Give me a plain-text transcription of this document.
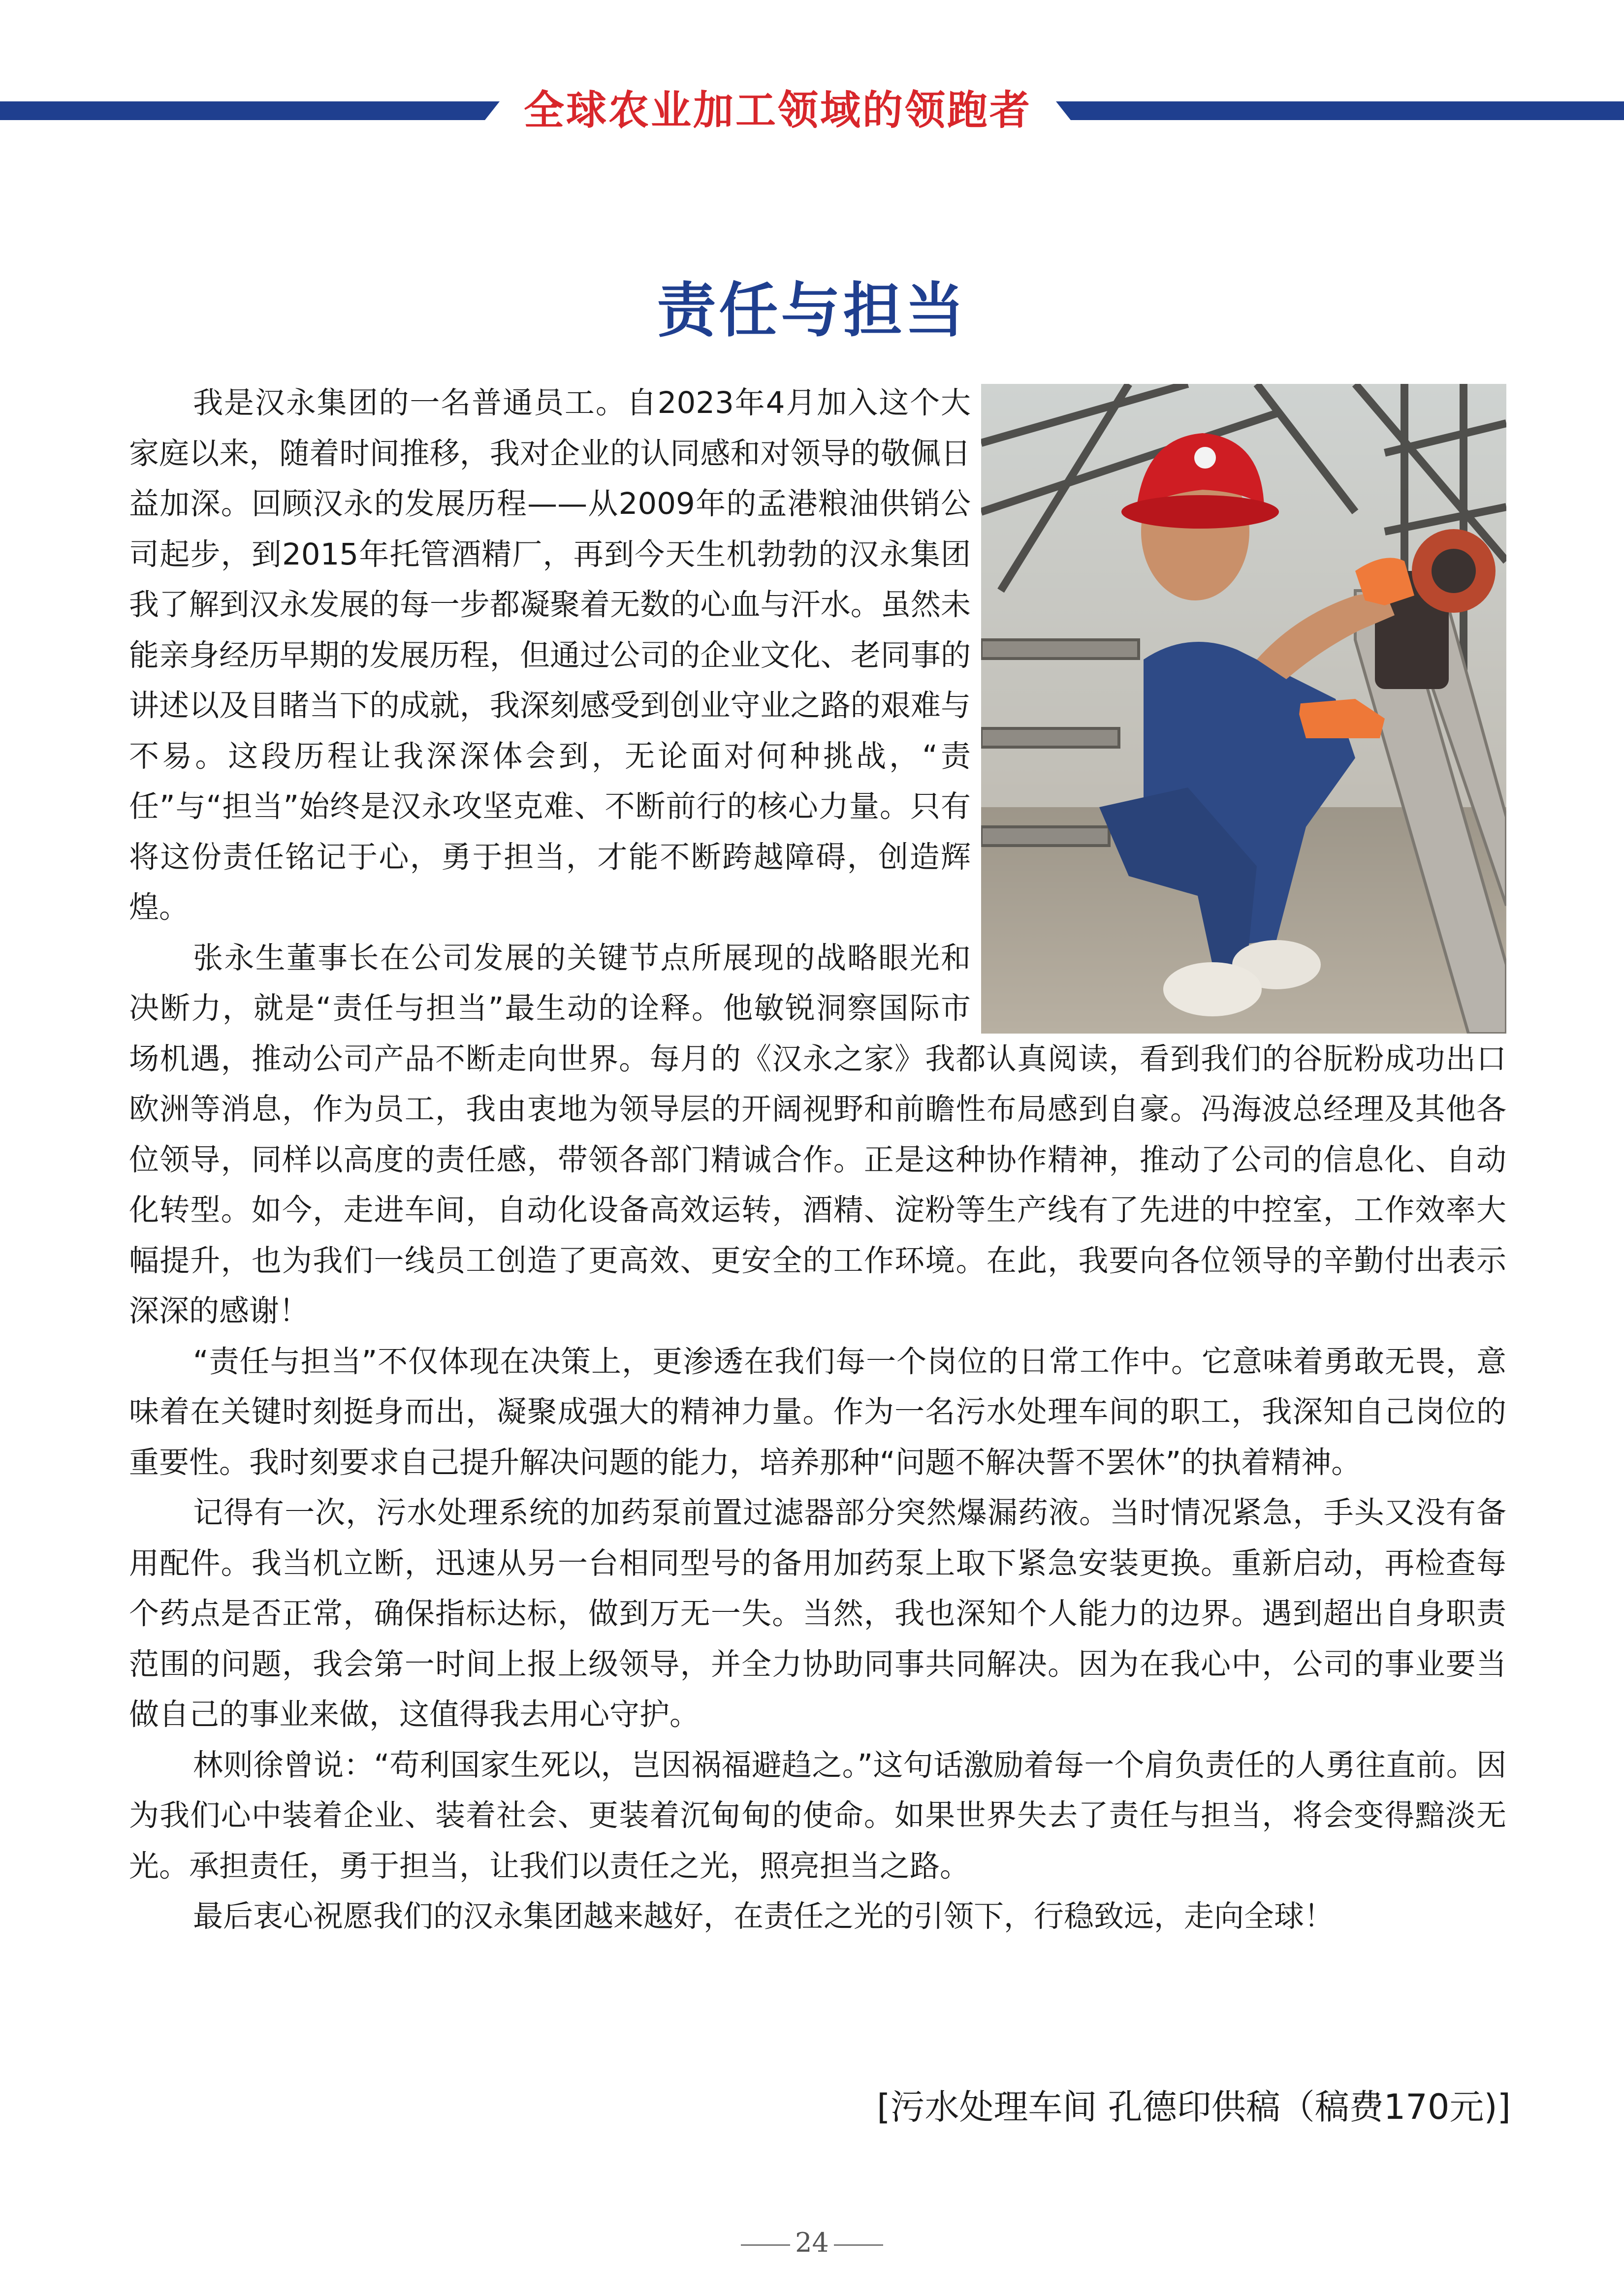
全球农业加工领域的领跑者
责任与担当

我是汉永集团的一名普通员工。自2023年4月加入这个大家庭以来，随着时间推移，我对企业的认同感和对领导的敬佩日益加深。回顾汉永的发展历程——从2009年的孟港粮油供销公司起步，到2015年托管酒精厂，再到今天生机勃勃的汉永集团我了解到汉永发展的每一步都凝聚着无数的心血与汗水。虽然未能亲身经历早期的发展历程，但通过公司的企业文化、老同事的讲述以及目睹当下的成就，我深刻感受到创业守业之路的艰难与不易。这段历程让我深深体会到，无论面对何种挑战，“责任”与“担当”始终是汉永攻坚克难、不断前行的核心力量。只有将这份责任铭记于心，勇于担当，才能不断跨越障碍，创造辉煌。

张永生董事长在公司发展的关键节点所展现的战略眼光和决断力，就是“责任与担当”最生动的诠释。他敏锐洞察国际市场机遇，推动公司产品不断走向世界。每月的《汉永之家》我都认真阅读，看到我们的谷朊粉成功出口欧洲等消息，作为员工，我由衷地为领导层的开阔视野和前瞻性布局感到自豪。冯海波总经理及其他各位领导，同样以高度的责任感，带领各部门精诚合作。正是这种协作精神，推动了公司的信息化、自动化转型。如今，走进车间，自动化设备高效运转，酒精、淀粉等生产线有了先进的中控室，工作效率大幅提升，也为我们一线员工创造了更高效、更安全的工作环境。在此，我要向各位领导的辛勤付出表示深深的感谢！

“责任与担当”不仅体现在决策上，更渗透在我们每一个岗位的日常工作中。它意味着勇敢无畏，意味着在关键时刻挺身而出，凝聚成强大的精神力量。作为一名污水处理车间的职工，我深知自己岗位的重要性。我时刻要求自己提升解决问题的能力，培养那种“问题不解决誓不罢休”的执着精神。

记得有一次，污水处理系统的加药泵前置过滤器部分突然爆漏药液。当时情况紧急，手头又没有备用配件。我当机立断，迅速从另一台相同型号的备用加药泵上取下紧急安装更换。重新启动，再检查每个药点是否正常，确保指标达标，做到万无一失。当然，我也深知个人能力的边界。遇到超出自身职责范围的问题，我会第一时间上报上级领导，并全力协助同事共同解决。因为在我心中，公司的事业要当做自己的事业来做，这值得我去用心守护。

林则徐曾说：“苟利国家生死以，岂因祸福避趋之。”这句话激励着每一个肩负责任的人勇往直前。因为我们心中装着企业、装着社会、更装着沉甸甸的使命。如果世界失去了责任与担当，将会变得黯淡无光。承担责任，勇于担当，让我们以责任之光，照亮担当之路。

最后衷心祝愿我们的汉永集团越来越好，在责任之光的引领下，行稳致远，走向全球！

[污水处理车间 孔德印供稿（稿费170元)]
24
